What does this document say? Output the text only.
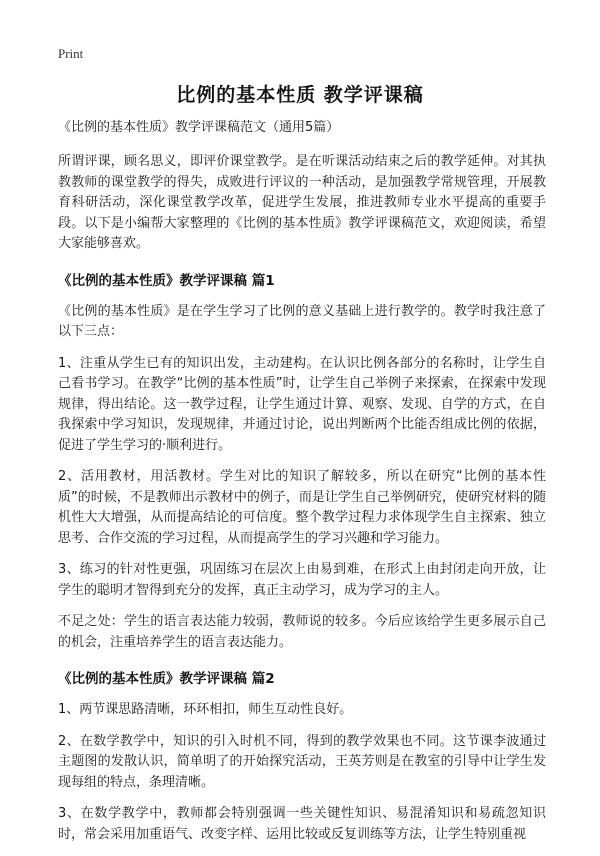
Print
比例的基本性质 教学评课稿
《比例的基本性质》教学评课稿范文（通用5篇）

所谓评课，顾名思义，即评价课堂教学。是在听课活动结束之后的教学延伸。对其执教教师的课堂教学的得失，成败进行评议的一种活动，是加强教学常规管理，开展教育科研活动，深化课堂教学改革，促进学生发展，推进教师专业水平提高的重要手段。以下是小编帮大家整理的《比例的基本性质》教学评课稿范文，欢迎阅读，希望大家能够喜欢。

《比例的基本性质》教学评课稿 篇1

《比例的基本性质》是在学生学习了比例的意义基础上进行教学的。教学时我注意了以下三点：

1、注重从学生已有的知识出发，主动建构。在认识比例各部分的名称时，让学生自己看书学习。在教学“比例的基本性质”时，让学生自己举例子来探索，在探索中发现规律，得出结论。这一教学过程，让学生通过计算、观察、发现、自学的方式，在自我探索中学习知识，发现规律，并通过讨论，说出判断两个比能否组成比例的依据，促进了学生学习的·顺利进行。

2、活用教材，用活教材。学生对比的知识了解较多，所以在研究“比例的基本性质”的时候，不是教师出示教材中的例子，而是让学生自己举例研究，使研究材料的随机性大大增强，从而提高结论的可信度。整个教学过程力求体现学生自主探索、独立思考、合作交流的学习过程，从而提高学生的学习兴趣和学习能力。

3、练习的针对性更强，巩固练习在层次上由易到难，在形式上由封闭走向开放，让学生的聪明才智得到充分的发挥，真正主动学习，成为学习的主人。

不足之处：学生的语言表达能力较弱，教师说的较多。今后应该给学生更多展示自己的机会，注重培养学生的语言表达能力。

《比例的基本性质》教学评课稿 篇2

1、两节课思路清晰，环环相扣，师生互动性良好。

2、在数学教学中，知识的引入时机不同，得到的教学效果也不同。这节课李波通过主题图的发散认识，简单明了的开始探究活动，王英芳则是在教室的引导中让学生发现每组的特点，条理清晰。

3、在数学教学中，教师都会特别强调一些关键性知识、易混淆知识和易疏忽知识时，常会采用加重语气、改变字样、运用比较或反复训练等方法，让学生特别重视
